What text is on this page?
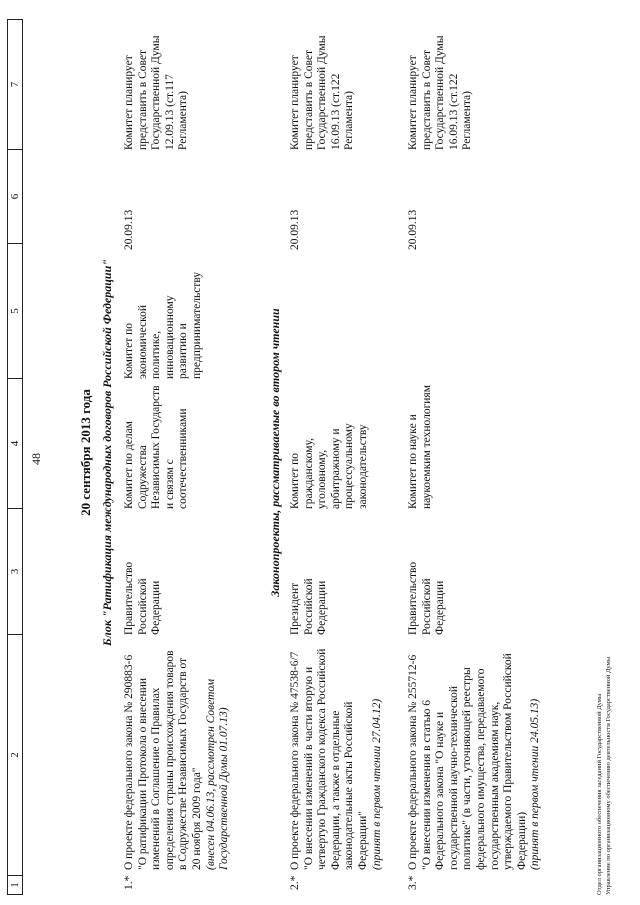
1
2
3
4
5
6
7
48	20 сентября 2013 года Блок "Ратификация международных договоров Российской Федерации"
1.*
О проекте федерального закона № 290883-6 "О ратификации Протокола о внесении изменений в Соглашение о Правилах определения страны происхождения товаров в Содружестве Независимых Государств от 20 ноября 2009 года" (внесен 04.06.13, рассмотрен Советом Государственной Думы 01.07.13)
Правительство Российской Федерации
Комитет по делам Содружества Независимых Государств и связям с соотечественниками
Комитет по экономической политике, инновационному развитию и предпринимательству
20.09.13
Комитет планирует представить в Совет Государственной Думы 12.09.13 (ст.117 Регламента)
Законопроекты, рассматриваемые во втором чтении
2.*
О проекте федерального закона № 47538-6/7 "О внесении изменений в части вторую и четвертую Гражданского кодекса Российской Федерации, а также в отдельные законодательные акты Российской Федерации" (принят в первом чтении 27.04.12)
Президент Российской Федерации
Комитет по гражданскому, уголовному, арбитражному и процессуальному законодательству
20.09.13
Комитет планирует представить в Совет Государственной Думы 16.09.13 (ст.122 Регламента)
3.*
О проекте федерального закона № 255712-6 "О внесении изменения в статью 6 Федерального закона "О науке и государственной научно-технической политике" (в части, уточняющей реестры федерального имущества, передаваемого государственным академиям наук, утверждаемого Правительством Российской Федерации) (принят в первом чтении 24.05.13)
Правительство Российской Федерации
Комитет по науке и наукоемким технологиям
20.09.13
Комитет планирует представить в Совет Государственной Думы 16.09.13 (ст.122 Регламента)
Отдел организационного обеспечения заседаний Государственной Думы Управление по организационному обеспечению деятельности Государственной Думы
